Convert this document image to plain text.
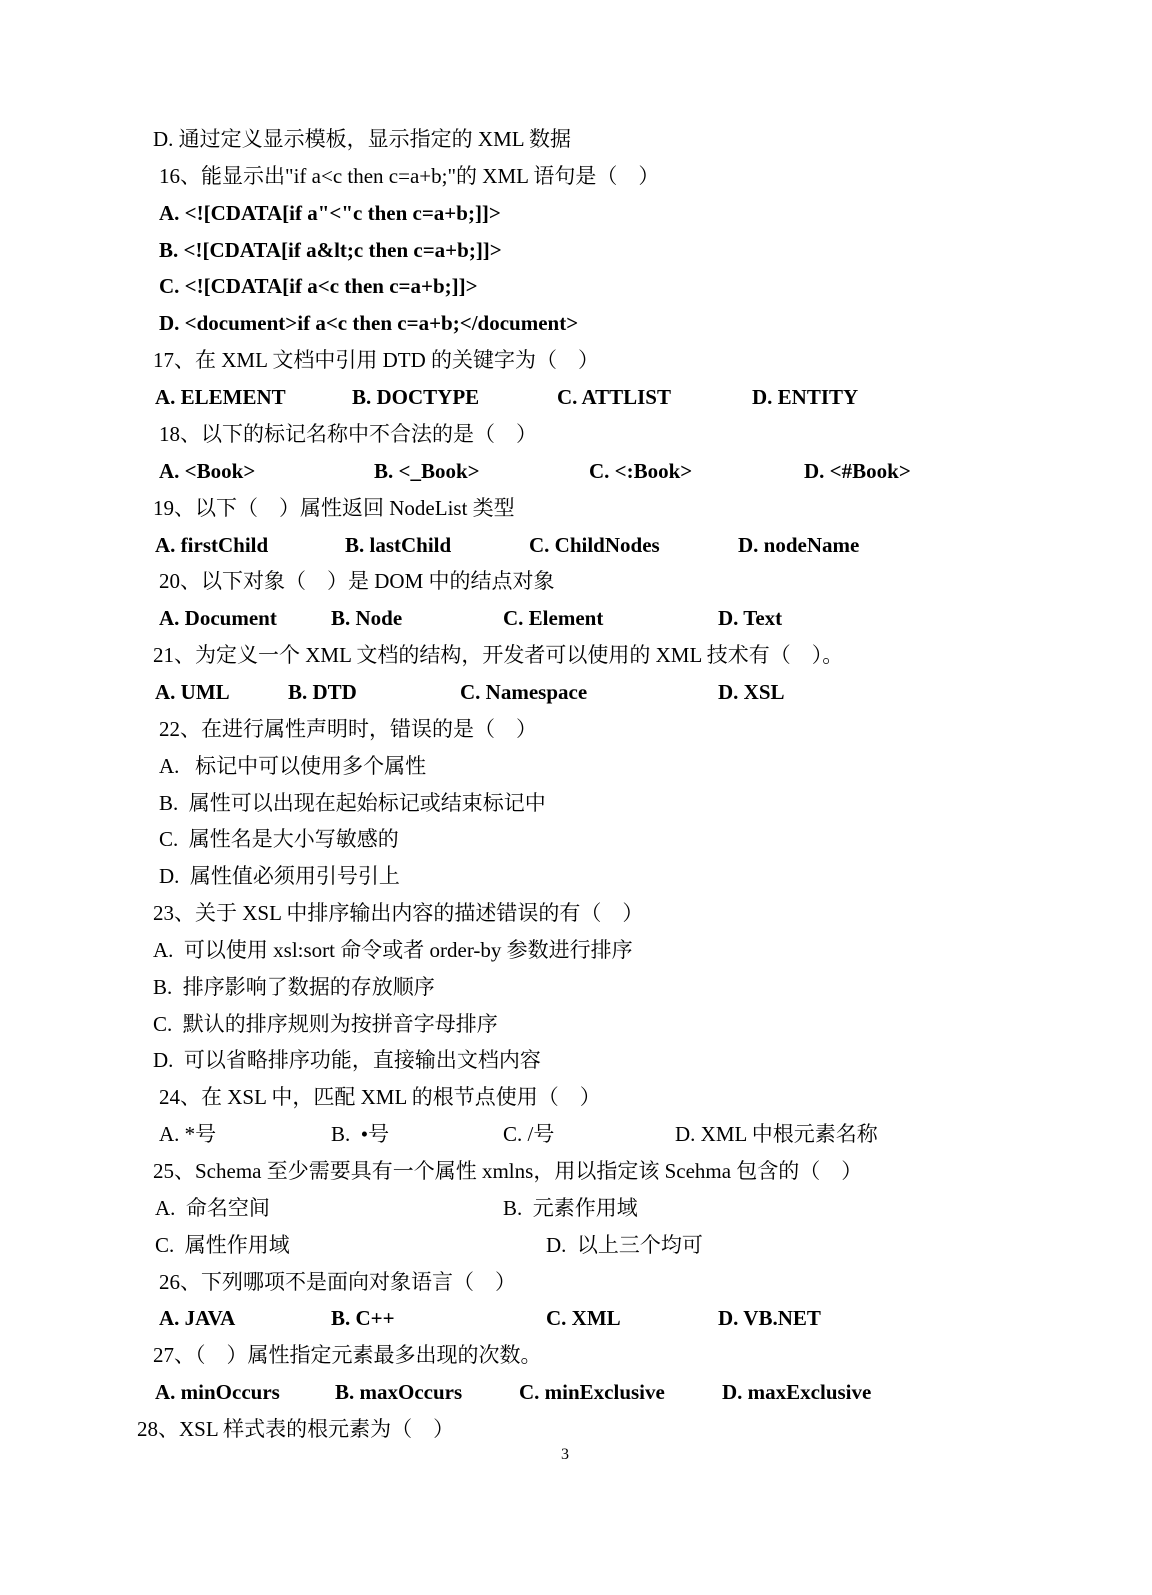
D. 通过定义显示模板，显示指定的 XML 数据
16、能显示出"if a<c then c=a+b;"的 XML 语句是（    ）
A. <![CDATA[if a"<"c then c=a+b;]]>
B. <![CDATA[if a&lt;c then c=a+b;]]>
C. <![CDATA[if a<c then c=a+b;]]>
D. <document>if a<c then c=a+b;</document>
17、在 XML 文档中引用 DTD 的关键字为（    ）
A. ELEMENT	B. DOCTYPE	C. ATTLIST	D. ENTITY
18、以下的标记名称中不合法的是（    ）
A. <Book>	B. <_Book>	C. <:Book>	D. <#Book>
19、以下（    ）属性返回 NodeList 类型
A. firstChild	B. lastChild	C. ChildNodes	D. nodeName
20、以下对象（    ）是 DOM 中的结点对象
A. Document	B. Node	C. Element	D. Text
21、为定义一个 XML 文档的结构，开发者可以使用的 XML 技术有（    ）。
A. UML	B. DTD	C. Namespace	D. XSL
22、在进行属性声明时，错误的是（    ）
A.   标记中可以使用多个属性
B.  属性可以出现在起始标记或结束标记中
C.  属性名是大小写敏感的
D.  属性值必须用引号引上
23、关于 XSL 中排序输出内容的描述错误的有（    ）
A.  可以使用 xsl:sort 命令或者 order-by 参数进行排序
B.  排序影响了数据的存放顺序
C.  默认的排序规则为按拼音字母排序
D.  可以省略排序功能，直接输出文档内容
24、在 XSL 中，匹配 XML 的根节点使用（    ）
A. *号	B.  •号	C. /号	D. XML 中根元素名称
25、Schema 至少需要具有一个属性 xmlns，用以指定该 Scehma 包含的（    ）
A.  命名空间	B.  元素作用域
C.  属性作用域	D.  以上三个均可
26、下列哪项不是面向对象语言（    ）
A. JAVA	B. C++	C. XML	D. VB.NET
27、（    ）属性指定元素最多出现的次数。
A. minOccurs	B. maxOccurs	C. minExclusive	D. maxExclusive
28、XSL 样式表的根元素为（    ）
3
